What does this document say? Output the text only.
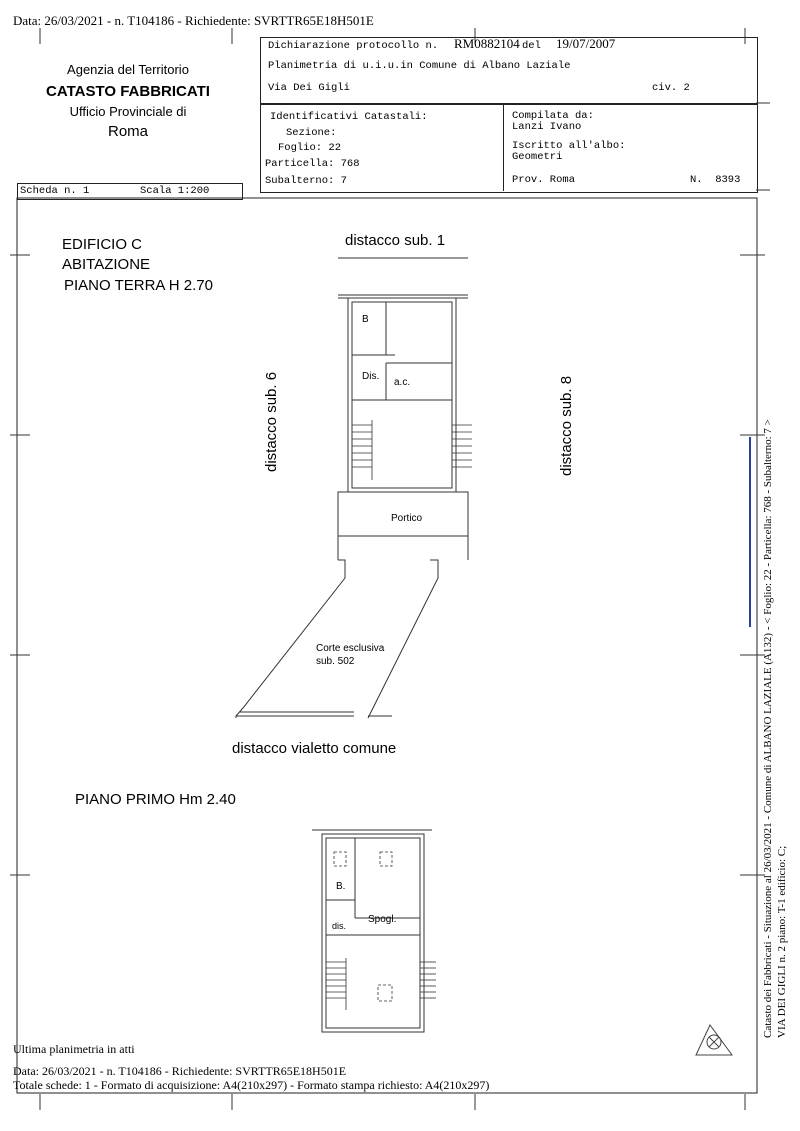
Data: 26/03/2021 - n. T104186 - Richiedente: SVRTTR65E18H501E
Agenzia del Territorio
CATASTO FABBRICATI
Ufficio Provinciale di
Roma
Dichiarazione protocollo n. RM0882104 del 19/07/2007
Planimetria di u.i.u.in Comune di Albano Laziale
Via Dei Gigli	civ. 2
Identificativi Catastali:
Sezione:
Foglio: 22
Particella: 768
Subalterno: 7
Compilata da:
Lanzi Ivano
Iscritto all'albo:
Geometri
Prov. Roma	N.  8393
Scheda n. 1	Scala 1:200
EDIFICIO C
ABITAZIONE
PIANO TERRA H 2.70
distacco sub. 1
distacco sub. 6	distacco sub. 8
B
Dis.
a.c.
Portico
Corte esclusiva
sub. 502
distacco vialetto comune
PIANO PRIMO Hm 2.40
B.
dis.
Spogl.	Catasto dei Fabbricati - Situazione al 26/03/2021 - Comune di ALBANO LAZIALE (A132) - < Foglio: 22 - Particella: 768 - Subalterno: 7 > VIA DEI GIGLI n. 2 piano: T-1 edificio: C;
Ultima planimetria in atti
Data: 26/03/2021 - n. T104186 - Richiedente: SVRTTR65E18H501E
Totale schede: 1 - Formato di acquisizione: A4(210x297) - Formato stampa richiesto: A4(210x297)
